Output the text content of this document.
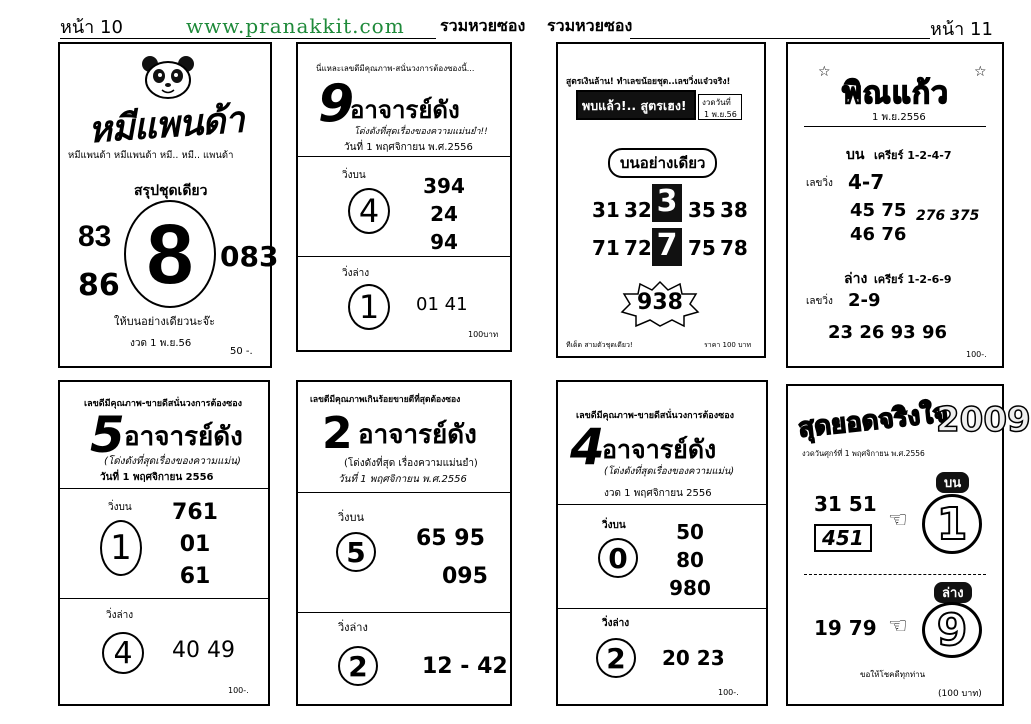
หน้า 10	www.pranakkit.com รวมหวยซอง รวมหวยซอง	หน้า 11
หมีแพนด้า
หมีแพนด้า หมีแพนด้า หมี.. หมี.. แพนด้า
สรุปชุดเดียว
8
83
86
083
ให้บนอย่างเดียวนะจ๊ะ
งวด 1 พ.ย.56
50 -.
นี่แหละเลขดีมีคุณภาพ-สนั่นวงการต้องซองนี้...
9
อาจารย์ดัง
โด่งดังที่สุดเรื่องของความแม่นยำ!!
วันที่ 1 พฤศจิกายน พ.ศ.2556
วิ่งบน
4
394
24
94
วิ่งล่าง
1 01 41
100บาท
สูตรเงินล้าน! ทำเลขน้อยชุด..เลขวิ่งแจ๋วจริง!
พบแล้ว!.. สูตรเฮง! งวดวันที่
1 พ.ย.56
บนอย่างเดียว
31 32 3 35 38
71 72 7 75 78
938
ทีเด็ด สามตัวชุดเดียว!	ราคา 100 บาท
☆	☆
พิณแก้ว
1 พ.ย.2556
บน เครียร์ 1-2-4-7
เลขวิ่ง 4-7
45 75
46 76
276 375
ล่าง เครียร์ 1-2-6-9
เลขวิ่ง 2-9
23 26 93 96
100-.
เลขดีมีคุณภาพ-ขายดีสนั่นวงการต้องซอง
5 อาจารย์ดัง
(โด่งดังที่สุดเรื่องของความแม่น)
วันที่ 1 พฤศจิกายน 2556
วิ่งบน
1
761
01
61
วิ่งล่าง
4 40 49
100-.
เลขดีมีคุณภาพเกินร้อยขายดีที่สุดต้องซอง
2 อาจารย์ดัง
(โด่งดังที่สุด เรื่องความแม่นยำ)
วันที่ 1 พฤศจิกายน พ.ศ.2556
วิ่งบน
5 65 95
095
วิ่งล่าง
2 12 - 42
เลขดีมีคุณภาพ-ขายดีสนั่นวงการต้องซอง
4
อาจารย์ดัง
(โด่งดังที่สุดเรื่องของความแม่น)
งวด 1 พฤศจิกายน 2556
วิ่งบน
0
50
80
980
วิ่งล่าง
2 20 23
100-.
สุดยอดจริงใจ
2009
งวดวันศุกร์ที่ 1 พฤศจิกายน พ.ศ.2556
บน
31 51
451
☜ 1
ล่าง
19 79 ☜ 9
ขอให้โชคดีทุกท่าน
(100 บาท)
